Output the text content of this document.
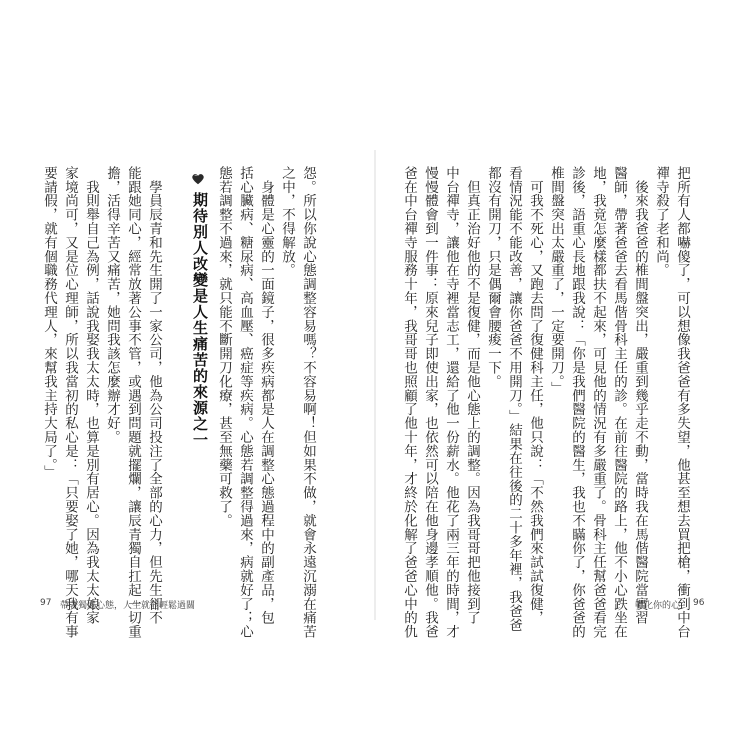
把所有人都嚇傻了，可以想像我爸爸有多失望，他甚至想去買把槍，衝到中台
禪寺殺了老和尚。
　後來我爸爸的椎間盤突出，嚴重到幾乎走不動，當時我在馬偕醫院當實習
醫師，帶著爸爸去看馬偕骨科主任的診。在前往醫院的路上，他不小心跌坐在
地，我竟怎麼樣都扶不起來，可見他的情況有多嚴重了。骨科主任幫爸爸看完
診後，語重心長地跟我說：「你是我們醫院的醫生，我也不瞞你了，你爸爸的
椎間盤突出太嚴重了，一定要開刀。」
　可我不死心，又跑去問了復健科主任，他只說：「不然我們來試試復健，
看情況能不能改善，讓你爸爸不用開刀。」結果在往後的二十多年裡，我爸爸
都沒有開刀，只是偶爾會腰痠一下。
　但真正治好他的不是復健，而是他心態上的調整。因為我哥哥把他接到了
中台禪寺，讓他在寺裡當志工，還給了他一份薪水。他花了兩三年的時間，才
慢慢體會到一件事：原來兒子即使出家，也依然可以陪在他身邊孝順他。我爸
爸在中台禪寺服務十年，我哥哥也照顧了他十年，才終於化解了爸爸心中的仇	轉化你的心 96
怨。所以你說心態調整容易嗎？不容易啊！但如果不做，就會永遠沉溺在痛苦
之中，不得解放。
　身體是心靈的一面鏡子，很多疾病都是人在調整心態過程中的副產品，包
括心臟病、糖尿病、高血壓、癌症等疾病。心態若調整得過來，病就好了；心
態若調整不過來，就只能不斷開刀化療，甚至無藥可救了。
期待別人改變是人生痛苦的來源之一
　學員辰青和先生開了一家公司，他為公司投注了全部的心力，但先生卻不
能跟她同心，經常放著公事不管，或遇到問題就擺爛，讓辰青獨自扛起一切重
擔，活得辛苦又痛苦，她問我該怎麼辦才好。
　我則舉自己為例，話說我娶我太太時，也算是別有居心。因為我太太娘家
家境尚可，又是位心理師，所以我當初的私心是：「只要娶了她，哪天我有事
要請假，就有個職務代理人，來幫我主持大局了。」
97 帶著獨處心態，人生就能輕鬆過關
